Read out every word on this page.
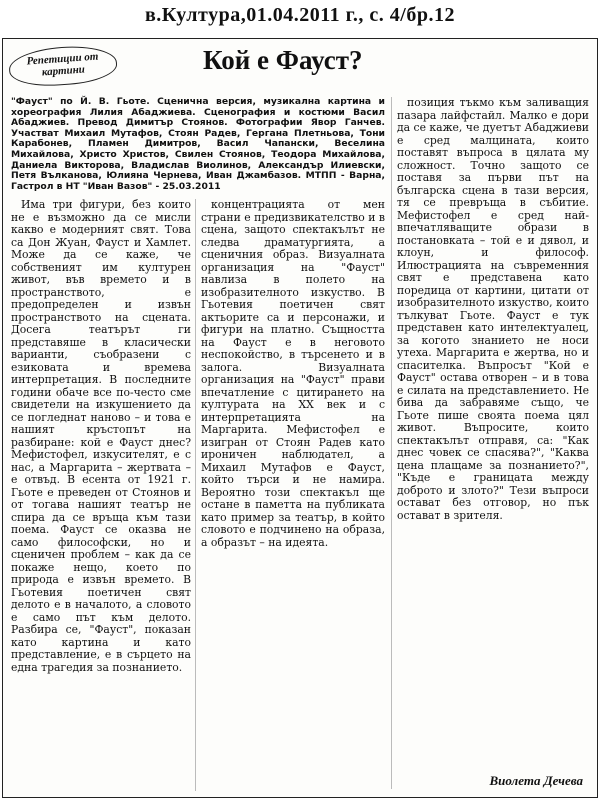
в.Култура,01.04.2011 г., с. 4/бр.12
Репетиции от картини	Кой е Фауст?
"Фауст" по Й. В. Гьоте. Сценична версия, музикална картина и хореография Лилия Абаджиева. Сценография и костюми Васил Абаджиев. Превод Димитър Стоянов. Фотографии Явор Ганчев. Участват Михаил Мутафов, Стоян Радев, Гергана Плетньова, Тони Карабонев, Пламен Димитров, Васил Чапански, Веселина Михайлова, Христо Христов, Свилен Стоянов, Теодора Михайлова, Даниела Викторова, Владислав Виолинов, Александър Илиевски, Петя Вълканова, Юлияна Чернева, Иван Джамбазов. МТПП - Варна, Гастрол в НТ "Иван Вазов" - 25.03.2011

Има три фигури, без които не е възможно да се мисли какво е модерният свят. Това са Дон Жуан, Фауст и Хамлет. Може да се каже, че собственият им културен живот, във времето и в пространството, е предопределен и извън пространството на сцената. Досега театърът ги представяше в класически варианти, съобразени с езиковата и времева интерпретация. В последните години обаче все по-често сме свидетели на изкушението да се погледнат наново – и това е нашият кръстопът на разбиране: кой е Фауст днес? Мефистофел, изкусителят, е с нас, а Маргарита – жертвата – е отвъд. В есента от 1921 г. Гьоте е преведен от Стоянов и от тогава нашият театър не спира да се връща към тази поема. Фауст се оказва не само философски, но и сценичен проблем – как да се покаже нещо, което по природа е извън времето. В Гьотевия поетичен свят делото е в началото, а словото е само път към делото. Разбира се, "Фауст", показан като картина и като представление, е в сърцето на една трагедия за познанието.

концентрацията от мен страни е предизвикателство и в сцена, защото спектакълът не следва драматургията, а сценичния образ. Визуалната организация на "Фауст" навлиза в полето на изобразителното изкуство. В Гьотевия поетичен свят актьорите са и персонажи, и фигури на платно. Същността на Фауст е в неговото неспокойство, в търсенето и в залога. Визуалната организация на "Фауст" прави впечатление с цитирането на културата на XX век и с интерпретацията на Маргарита. Мефистофел е изигран от Стоян Радев като ироничен наблюдател, а Михаил Мутафов е Фауст, който търси и не намира. Вероятно този спектакъл ще остане в паметта на публиката като пример за театър, в който словото е подчинено на образа, а образът – на идеята.

позиция тъкмо към заливащия пазара лайфстайл. Малко е дори да се каже, че дуетът Абаджиеви е сред малцината, които поставят въпроса в цялата му сложност. Точно защото се поставя за първи път на българска сцена в тази версия, тя се превръща в събитие. Мефистофел е сред най-впечатляващите образи в постановката – той е и дявол, и клоун, и философ. Илюстрацията на съвременния свят е представена като поредица от картини, цитати от изобразителното изкуство, които тълкуват Гьоте. Фауст е тук представен като интелектуалец, за когото знанието не носи утеха. Маргарита е жертва, но и спасителка. Въпросът "Кой е Фауст" остава отворен – и в това е силата на представлението. Не бива да забравяме също, че Гьоте пише своята поема цял живот. Въпросите, които спектакълът отправя, са: "Как днес човек се спасява?", "Каква цена плащаме за познанието?", "Къде е границата между доброто и злото?" Тези въпроси остават без отговор, но пък остават в зрителя.

Виолета Дечева
